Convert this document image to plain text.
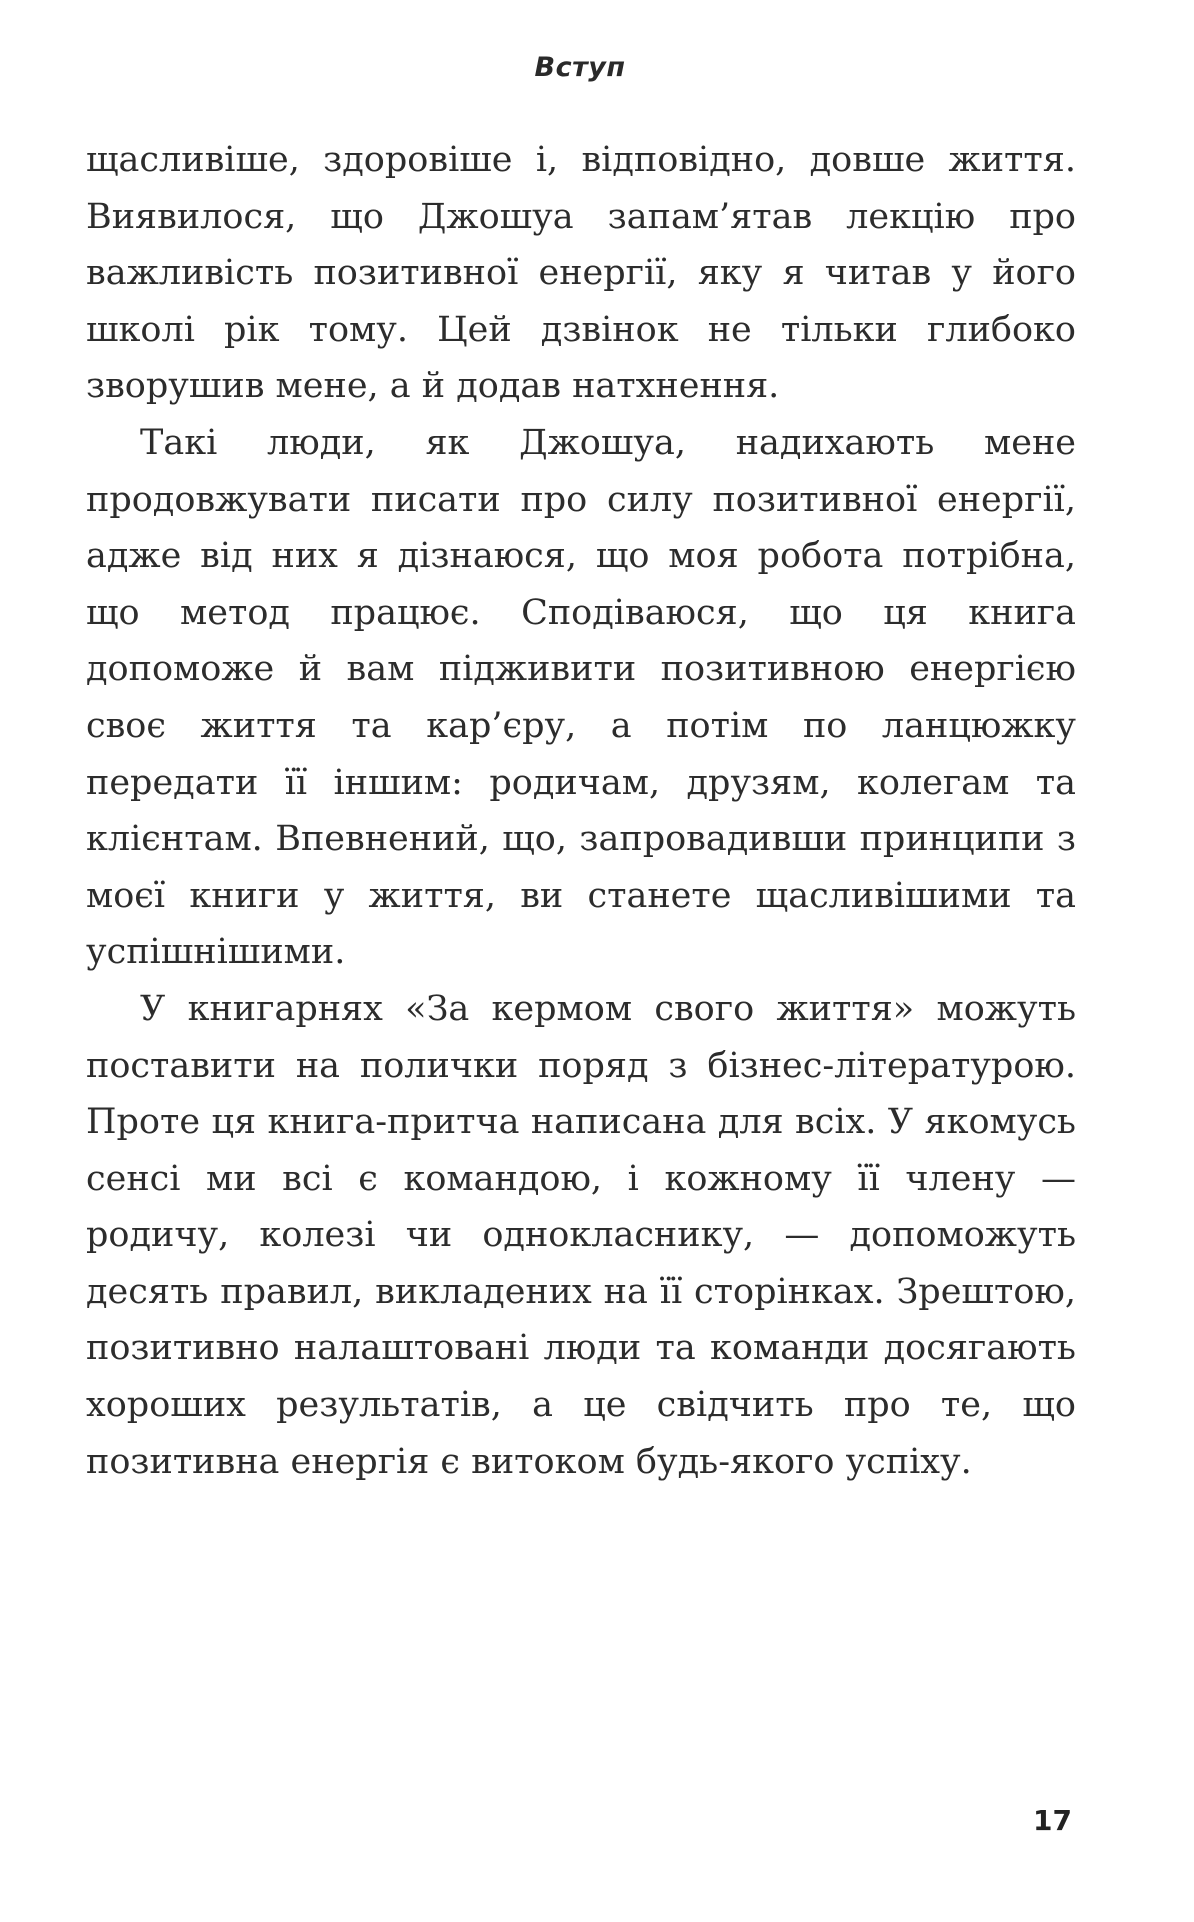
Вступ

щасливіше, здоровіше і, відповідно, довше життя. Виявилося, що Джошуа запам’ятав лекцію про важливість позитивної енергії, яку я читав у його школі рік тому. Цей дзвінок не тільки глибоко зворушив мене, а й додав натхнення.

Такі люди, як Джошуа, надихають мене продовжувати писати про силу позитивної енергії, адже від них я дізнаюся, що моя робота потрібна, що метод працює. Сподіваюся, що ця книга допоможе й вам підживити позитивною енергією своє життя та кар’єру, а потім по ланцюжку передати її іншим: родичам, друзям, колегам та клієнтам. Впевнений, що, запровадивши принципи з моєї книги у життя, ви станете щасливішими та успішнішими.

У книгарнях «За кермом свого життя» можуть поставити на полички поряд з бізнес-літературою. Проте ця книга-притча написана для всіх. У якомусь сенсі ми всі є командою, і кожному її члену — родичу, колезі чи однокласнику, — допоможуть десять правил, викладених на її сторінках. Зрештою, позитивно налаштовані люди та команди досягають хороших результатів, а це свідчить про те, що позитивна енергія є витоком будь-якого успіху.

17
